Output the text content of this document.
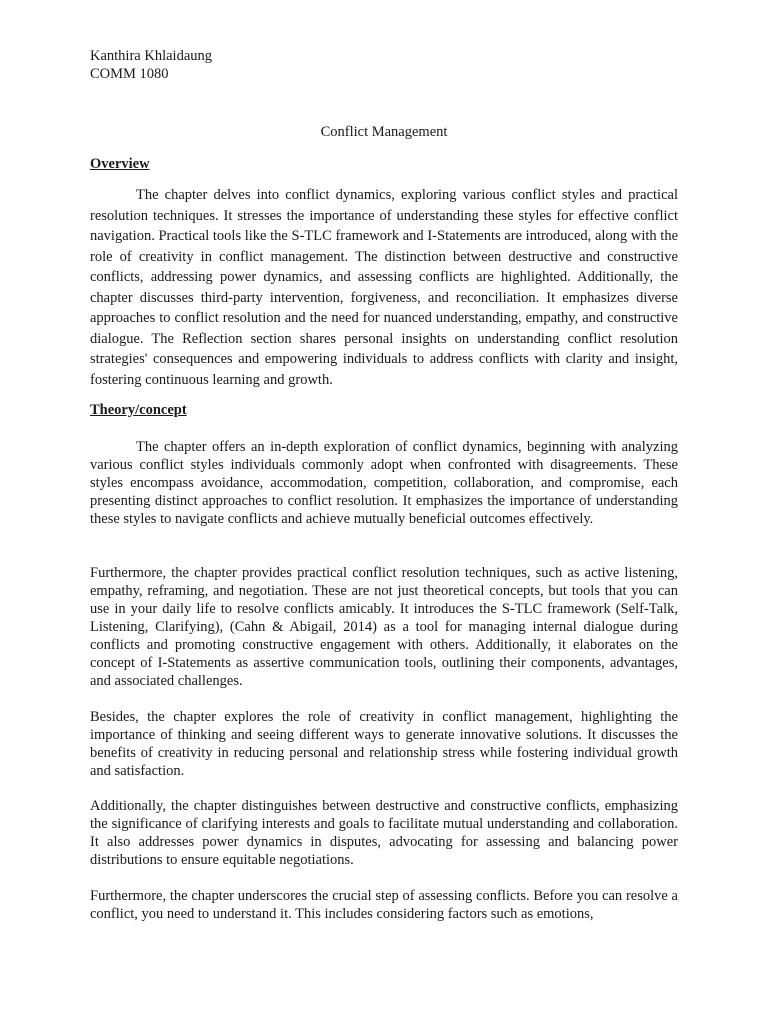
Kanthira Khlaidaung
COMM 1080
Conflict Management
Overview

The chapter delves into conflict dynamics, exploring various conflict styles and practical resolution techniques. It stresses the importance of understanding these styles for effective conflict navigation. Practical tools like the S-TLC framework and I-Statements are introduced, along with the role of creativity in conflict management. The distinction between destructive and constructive conflicts, addressing power dynamics, and assessing conflicts are highlighted. Additionally, the chapter discusses third-party intervention, forgiveness, and reconciliation. It emphasizes diverse approaches to conflict resolution and the need for nuanced understanding, empathy, and constructive dialogue. The Reflection section shares personal insights on understanding conflict resolution strategies' consequences and empowering individuals to address conflicts with clarity and insight, fostering continuous learning and growth.

Theory/concept

The chapter offers an in-depth exploration of conflict dynamics, beginning with analyzing various conflict styles individuals commonly adopt when confronted with disagreements. These styles encompass avoidance, accommodation, competition, collaboration, and compromise, each presenting distinct approaches to conflict resolution. It emphasizes the importance of understanding these styles to navigate conflicts and achieve mutually beneficial outcomes effectively.

Furthermore, the chapter provides practical conflict resolution techniques, such as active listening, empathy, reframing, and negotiation. These are not just theoretical concepts, but tools that you can use in your daily life to resolve conflicts amicably. It introduces the S-TLC framework (Self-Talk, Listening, Clarifying), (Cahn & Abigail, 2014) as a tool for managing internal dialogue during conflicts and promoting constructive engagement with others. Additionally, it elaborates on the concept of I-Statements as assertive communication tools, outlining their components, advantages, and associated challenges.

Besides, the chapter explores the role of creativity in conflict management, highlighting the importance of thinking and seeing different ways to generate innovative solutions. It discusses the benefits of creativity in reducing personal and relationship stress while fostering individual growth and satisfaction.

Additionally, the chapter distinguishes between destructive and constructive conflicts, emphasizing the significance of clarifying interests and goals to facilitate mutual understanding and collaboration. It also addresses power dynamics in disputes, advocating for assessing and balancing power distributions to ensure equitable negotiations.

Furthermore, the chapter underscores the crucial step of assessing conflicts. Before you can resolve a conflict, you need to understand it. This includes considering factors such as emotions,
